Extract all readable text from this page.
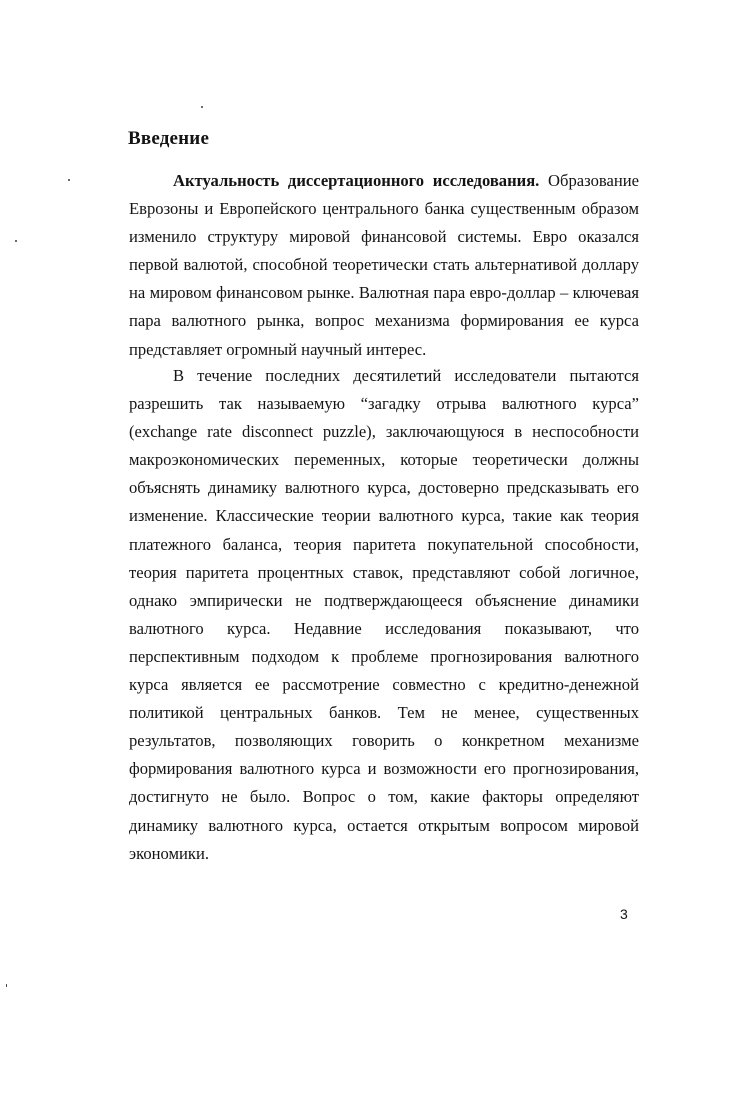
Введение

Актуальность диссертационного исследования. Образование Еврозоны и Европейского центрального банка существенным образом изменило структуру мировой финансовой системы. Евро оказался первой валютой, способной теоретически стать альтернативой доллару на мировом финансовом рынке. Валютная пара евро-доллар – ключевая пара валютного рынка, вопрос механизма формирования ее курса представляет огромный научный интерес.

В течение последних десятилетий исследователи пытаются разрешить так называемую “загадку отрыва валютного курса” (exchange rate disconnect puzzle), заключающуюся в неспособности макроэкономических переменных, которые теоретически должны объяснять динамику валютного курса, достоверно предсказывать его изменение. Классические теории валютного курса, такие как теория платежного баланса, теория паритета покупательной способности, теория паритета процентных ставок, представляют собой логичное, однако эмпирически не подтверждающееся объяснение динамики валютного курса. Недавние исследования показывают, что перспективным подходом к проблеме прогнозирования валютного курса является ее рассмотрение совместно с кредитно-денежной политикой центральных банков. Тем не менее, существенных результатов, позволяющих говорить о конкретном механизме формирования валютного курса и возможности его прогнозирования, достигнуто не было. Вопрос о том, какие факторы определяют динамику валютного курса, остается открытым вопросом мировой экономики.

3
